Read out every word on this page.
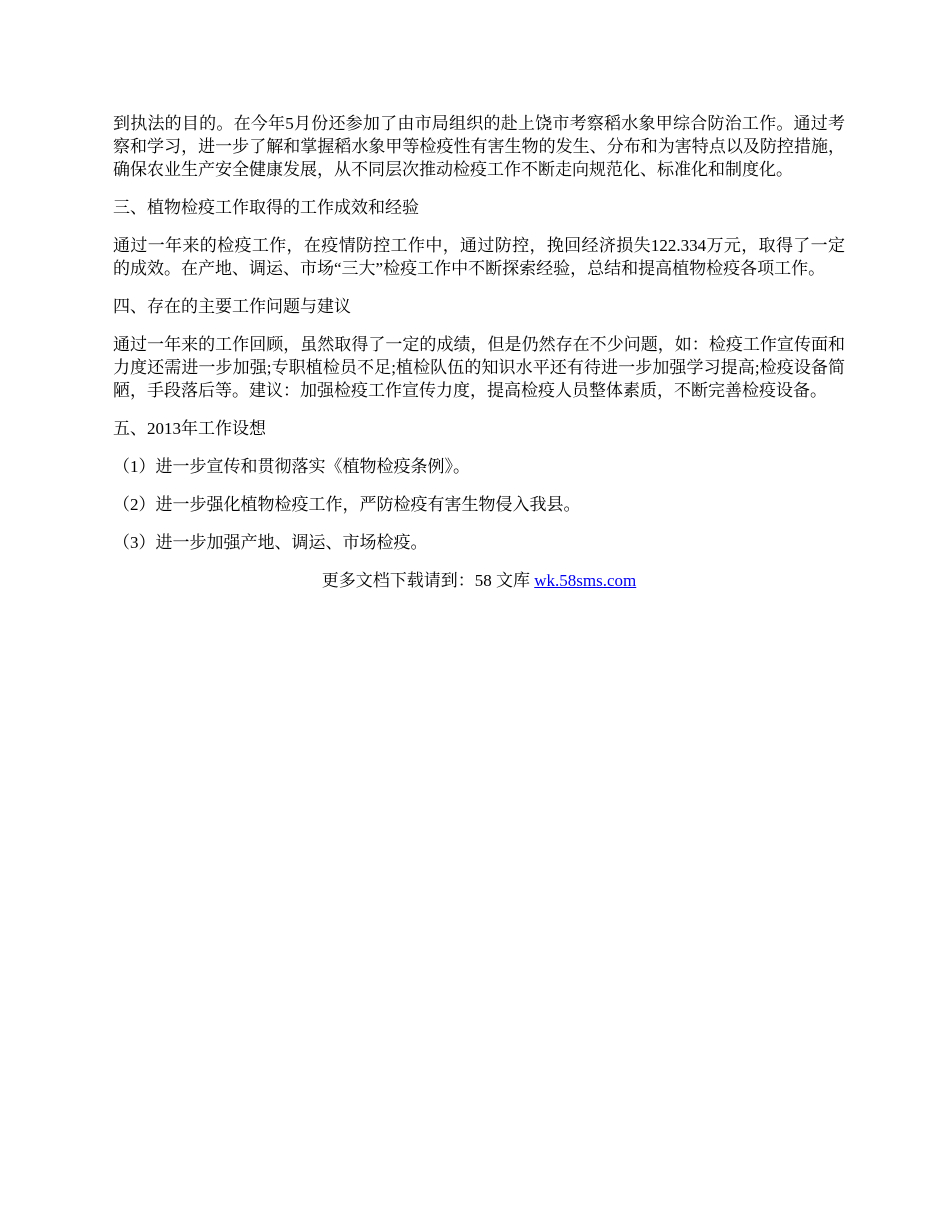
到执法的目的。在今年5月份还参加了由市局组织的赴上饶市考察稻水象甲综合防治工作。通过考察和学习，进一步了解和掌握稻水象甲等检疫性有害生物的发生、分布和为害特点以及防控措施，确保农业生产安全健康发展，从不同层次推动检疫工作不断走向规范化、标准化和制度化。

三、植物检疫工作取得的工作成效和经验

通过一年来的检疫工作，在疫情防控工作中，通过防控，挽回经济损失122.334万元，取得了一定的成效。在产地、调运、市场“三大”检疫工作中不断探索经验，总结和提高植物检疫各项工作。

四、存在的主要工作问题与建议

通过一年来的工作回顾，虽然取得了一定的成绩，但是仍然存在不少问题，如：检疫工作宣传面和力度还需进一步加强;专职植检员不足;植检队伍的知识水平还有待进一步加强学习提高;检疫设备简陋，手段落后等。建议：加强检疫工作宣传力度，提高检疫人员整体素质，不断完善检疫设备。

五、2013年工作设想

（1）进一步宣传和贯彻落实《植物检疫条例》。

（2）进一步强化植物检疫工作，严防检疫有害生物侵入我县。

（3）进一步加强产地、调运、市场检疫。

更多文档下载请到：58 文库 wk.58sms.com
